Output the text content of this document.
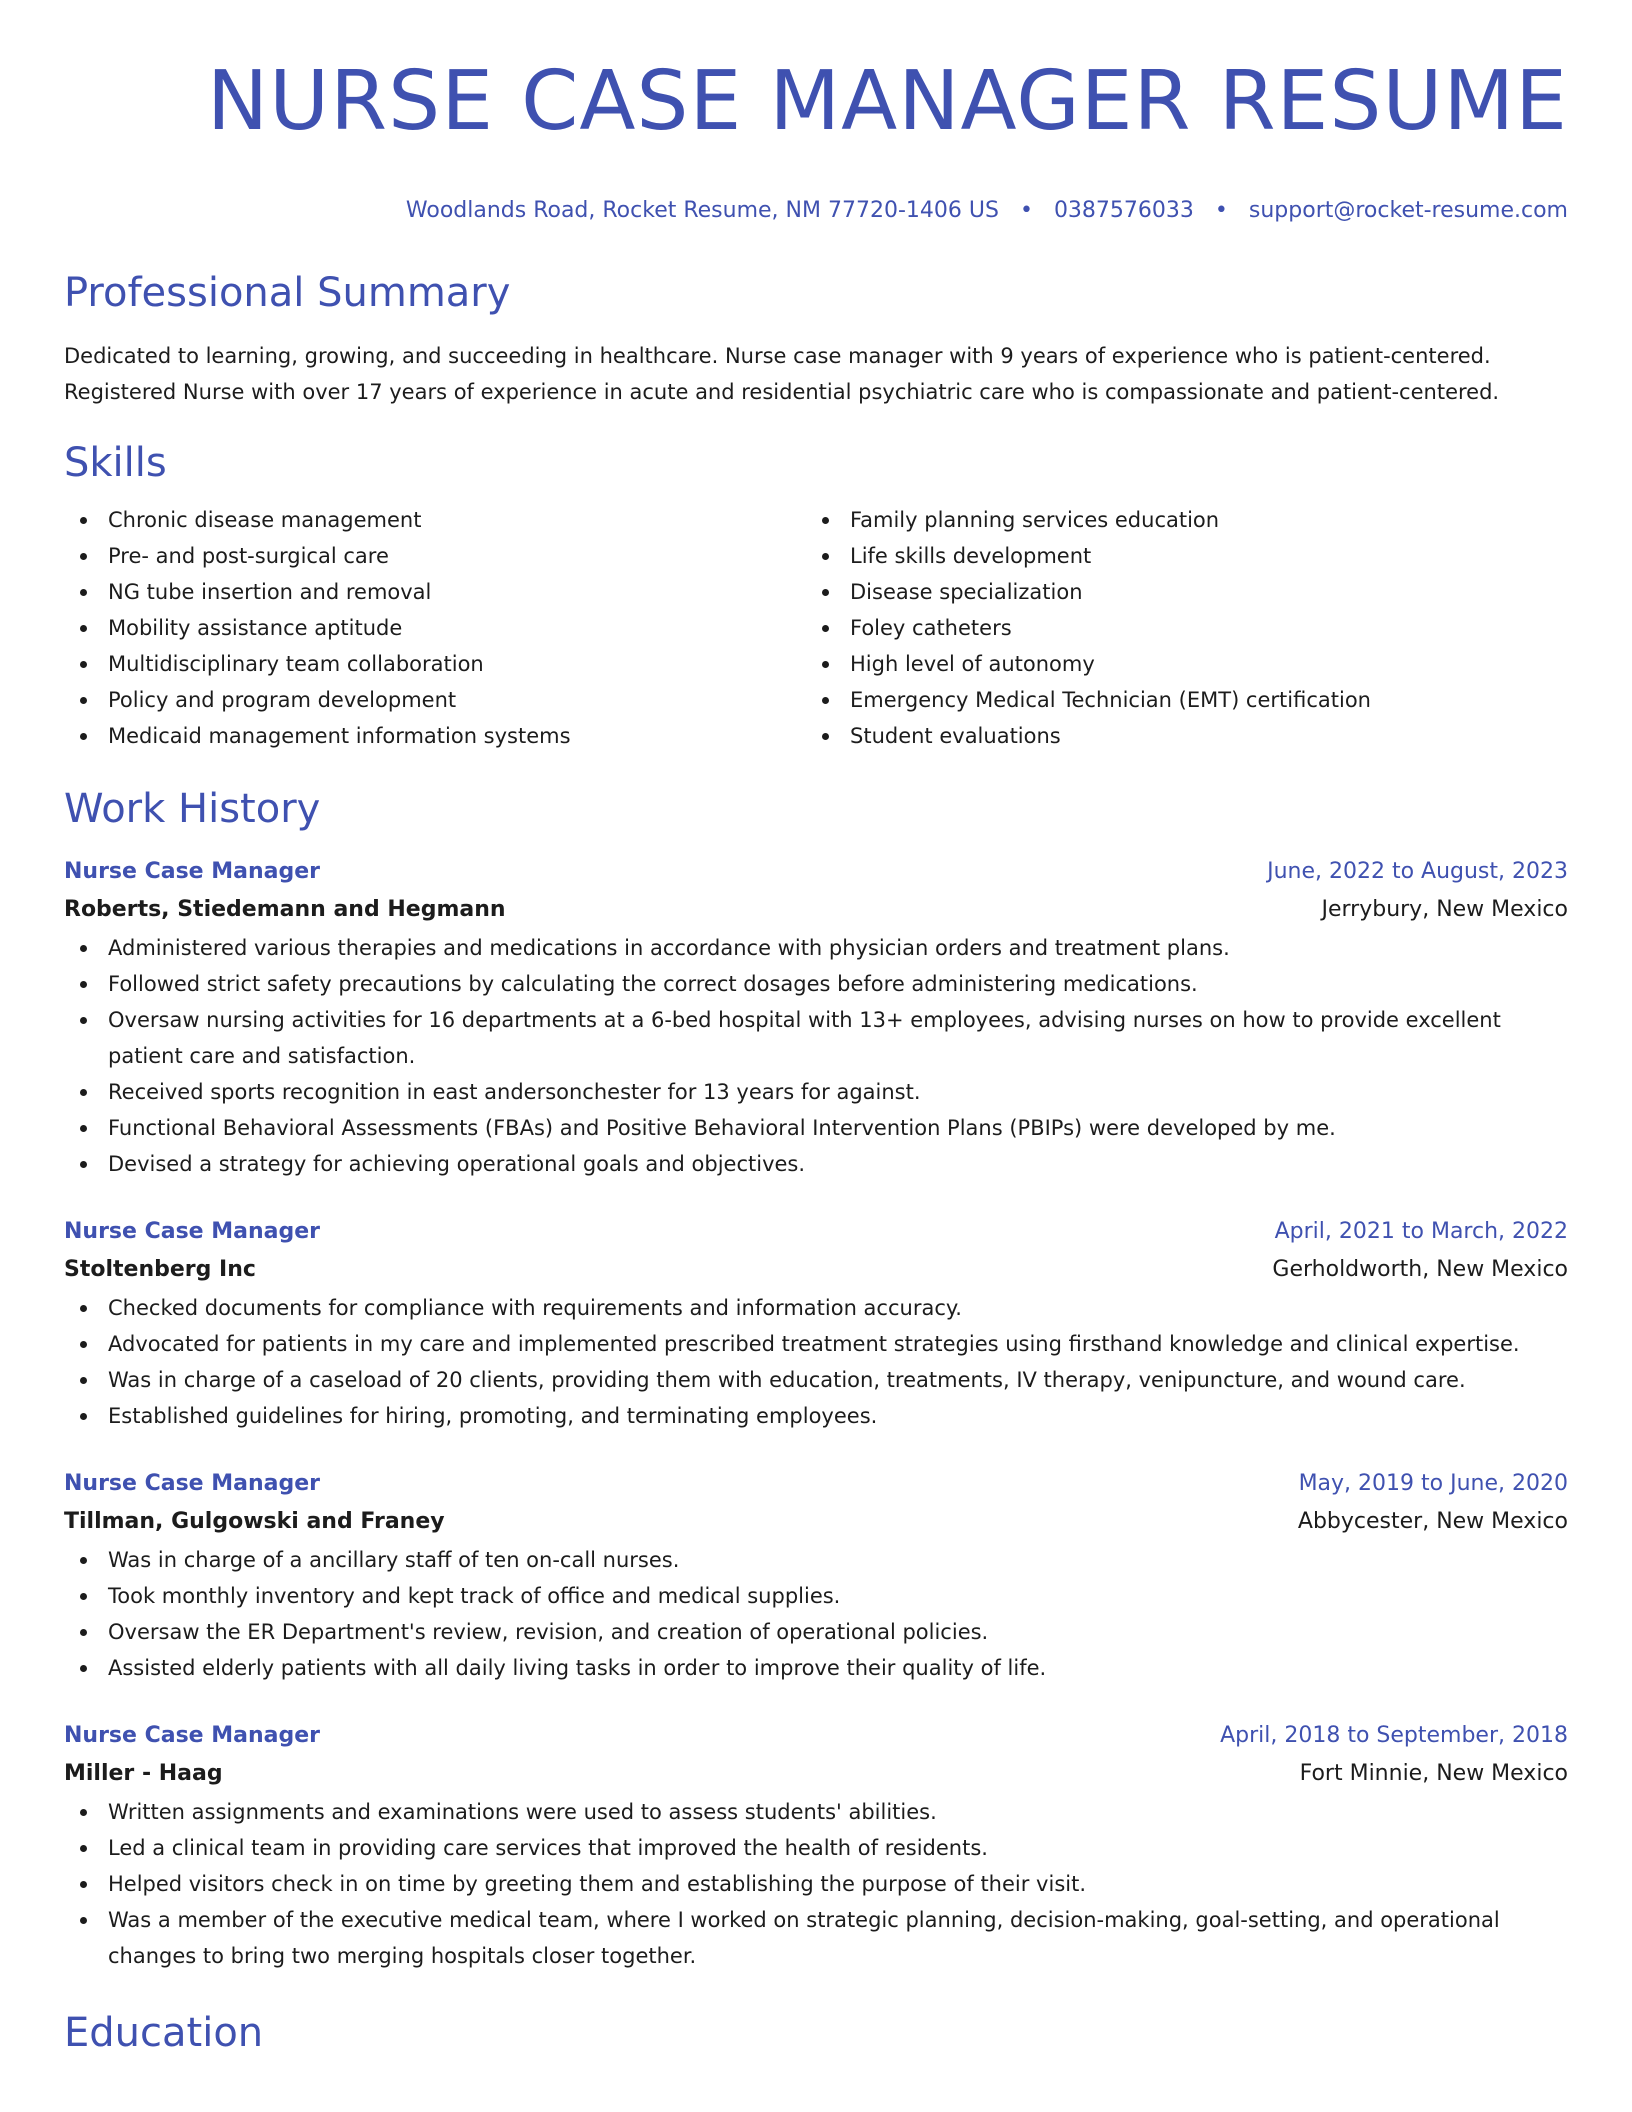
NURSE CASE MANAGER RESUME
Woodlands Road, Rocket Resume, NM 77720-1406 US • 0387576033 • support@rocket-resume.com
Professional Summary

Dedicated to learning, growing, and succeeding in healthcare. Nurse case manager with 9 years of experience who is patient-centered. Registered Nurse with over 17 years of experience in acute and residential psychiatric care who is compassionate and patient-centered.

Skills
Chronic disease management
Pre- and post-surgical care
NG tube insertion and removal
Mobility assistance aptitude
Multidisciplinary team collaboration
Policy and program development
Medicaid management information systems
Family planning services education
Life skills development
Disease specialization
Foley catheters
High level of autonomy
Emergency Medical Technician (EMT) certification
Student evaluations
Work History
Nurse Case Manager	June, 2022 to August, 2023
Roberts, Stiedemann and Hegmann	Jerrybury, New Mexico
Administered various therapies and medications in accordance with physician orders and treatment plans.
Followed strict safety precautions by calculating the correct dosages before administering medications.
Oversaw nursing activities for 16 departments at a 6-bed hospital with 13+ employees, advising nurses on how to provide excellent patient care and satisfaction.
Received sports recognition in east andersonchester for 13 years for against.
Functional Behavioral Assessments (FBAs) and Positive Behavioral Intervention Plans (PBIPs) were developed by me.
Devised a strategy for achieving operational goals and objectives.
Nurse Case Manager	April, 2021 to March, 2022
Stoltenberg Inc	Gerholdworth, New Mexico
Checked documents for compliance with requirements and information accuracy.
Advocated for patients in my care and implemented prescribed treatment strategies using firsthand knowledge and clinical expertise.
Was in charge of a caseload of 20 clients, providing them with education, treatments, IV therapy, venipuncture, and wound care.
Established guidelines for hiring, promoting, and terminating employees.
Nurse Case Manager	May, 2019 to June, 2020
Tillman, Gulgowski and Franey	Abbycester, New Mexico
Was in charge of a ancillary staff of ten on-call nurses.
Took monthly inventory and kept track of office and medical supplies.
Oversaw the ER Department's review, revision, and creation of operational policies.
Assisted elderly patients with all daily living tasks in order to improve their quality of life.
Nurse Case Manager	April, 2018 to September, 2018
Miller - Haag	Fort Minnie, New Mexico
Written assignments and examinations were used to assess students' abilities.
Led a clinical team in providing care services that improved the health of residents.
Helped visitors check in on time by greeting them and establishing the purpose of their visit.
Was a member of the executive medical team, where I worked on strategic planning, decision-making, goal-setting, and operational changes to bring two merging hospitals closer together.
Education
